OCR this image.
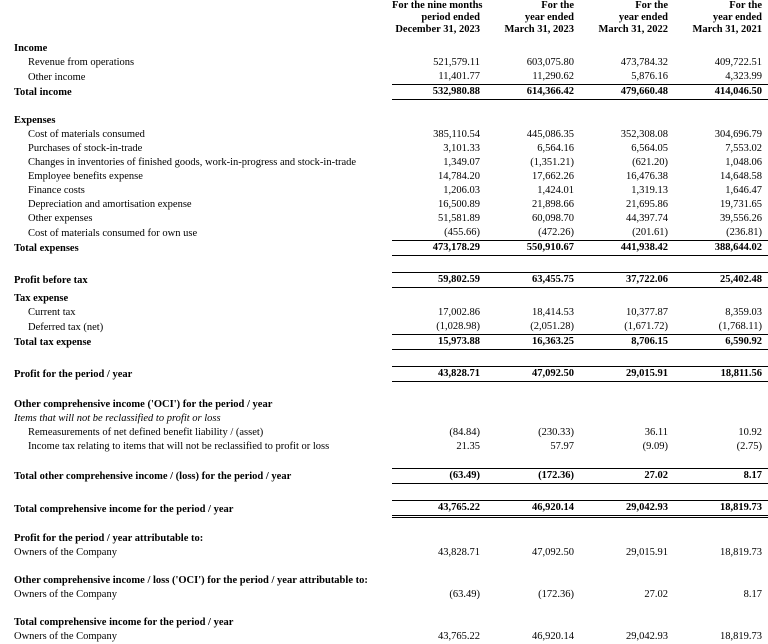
	For the nine months	For the	For the	For the
	period ended	year ended	year ended	year ended
	December 31, 2023	March 31, 2023	March 31, 2022	March 31, 2021

Income				
Revenue from operations	521,579.11	603,075.80	473,784.32	409,722.51
Other income	11,401.77	11,290.62	5,876.16	4,323.99
Total income	532,980.88	614,366.42	479,660.48	414,046.50

Expenses				
Cost of materials consumed	385,110.54	445,086.35	352,308.08	304,696.79
Purchases of stock-in-trade	3,101.33	6,564.16	6,564.05	7,553.02
Changes in inventories of finished goods, work-in-progress and stock-in-trade	1,349.07	(1,351.21)	(621.20)	1,048.06
Employee benefits expense	14,784.20	17,662.26	16,476.38	14,648.58
Finance costs	1,206.03	1,424.01	1,319.13	1,646.47
Depreciation and amortisation expense	16,500.89	21,898.66	21,695.86	19,731.65
Other expenses	51,581.89	60,098.70	44,397.74	39,556.26
Cost of materials consumed for own use	(455.66)	(472.26)	(201.61)	(236.81)
Total expenses	473,178.29	550,910.67	441,938.42	388,644.02

Profit before tax	59,802.59	63,455.75	37,722.06	25,402.48

Tax expense				
Current tax	17,002.86	18,414.53	10,377.87	8,359.03
Deferred tax (net)	(1,028.98)	(2,051.28)	(1,671.72)	(1,768.11)
Total tax expense	15,973.88	16,363.25	8,706.15	6,590.92

Profit for the period / year	43,828.71	47,092.50	29,015.91	18,811.56

Other comprehensive income ('OCI') for the period / year				
Items that will not be reclassified to profit or loss				
Remeasurements of net defined benefit liability / (asset)	(84.84)	(230.33)	36.11	10.92
Income tax relating to items that will not be reclassified to profit or loss	21.35	57.97	(9.09)	(2.75)

Total other comprehensive income / (loss) for the period / year	(63.49)	(172.36)	27.02	8.17

Total comprehensive income for the period / year	43,765.22	46,920.14	29,042.93	18,819.73

Profit for the period / year attributable to:				
Owners of the Company	43,828.71	47,092.50	29,015.91	18,819.73

Other comprehensive income / loss ('OCI') for the period / year attributable to:				
Owners of the Company	(63.49)	(172.36)	27.02	8.17

Total comprehensive income for the period / year				
Owners of the Company	43,765.22	46,920.14	29,042.93	18,819.73
